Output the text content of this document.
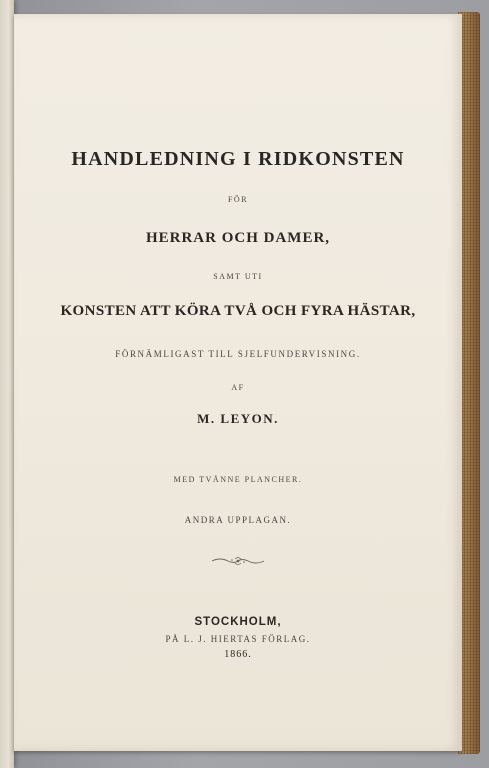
HANDLEDNING I RIDKONSTEN
FÖR
HERRAR OCH DAMER,
SAMT UTI
KONSTEN ATT KÖRA TVÅ OCH FYRA HÄSTAR,
FÖRNÄMLIGAST TILL SJELFUNDERVISNING.
AF
M. LEYON.
MED TVÅNNE PLANCHER.
ANDRA UPPLAGAN.
STOCKHOLM,
PÅ L. J. HIERTAS FÖRLAG.
1866.
